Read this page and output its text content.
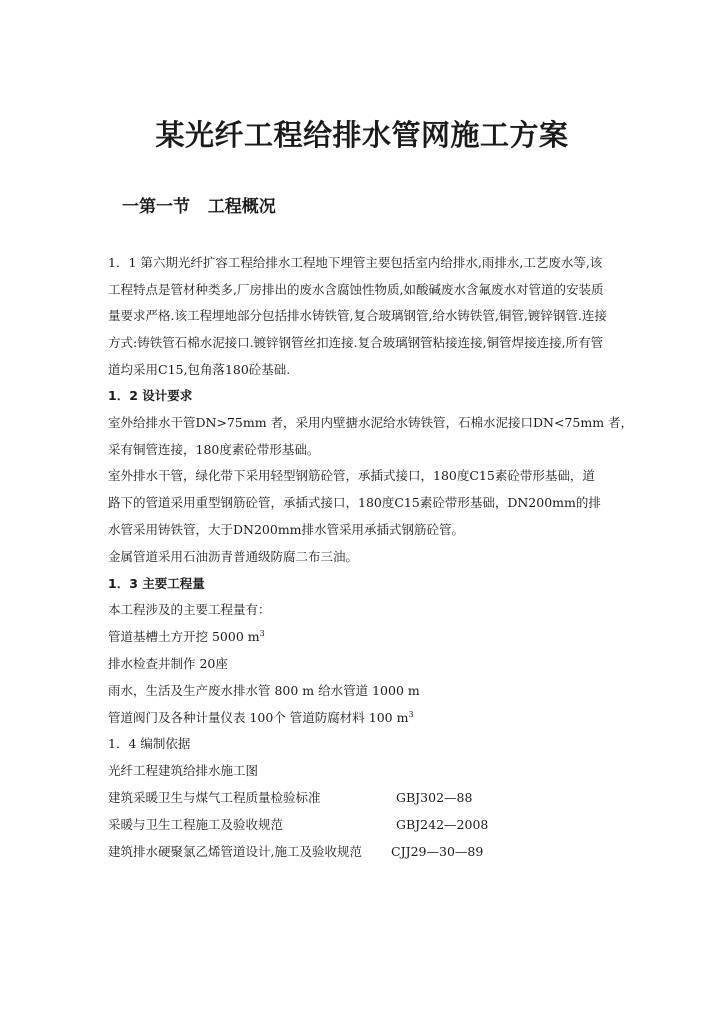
某光纤工程给排水管网施工方案
一第一节   工程概况
1．1 第六期光纤扩容工程给排水工程地下埋管主要包括室内给排水,雨排水,工艺废水等,该
工程特点是管材种类多,厂房排出的废水含腐蚀性物质,如酸碱废水含氟废水对管道的安装质
量要求严格.该工程埋地部分包括排水铸铁管,复合玻璃钢管,给水铸铁管,铜管,镀锌钢管.连接
方式:铸铁管石棉水泥接口.镀锌钢管丝扣连接.复合玻璃钢管粘接连接,铜管焊接连接,所有管
道均采用C15,包角落180砼基础.
1．2 设计要求
室外给排水干管DN>75mm 者，采用内壁搪水泥给水铸铁管，石棉水泥接口DN<75mm 者，
采有铜管连接，180度素砼带形基础。
室外排水干管，绿化带下采用轻型钢筋砼管，承插式接口，180度C15素砼带形基础，道
路下的管道采用重型钢筋砼管，承插式接口，180度C15素砼带形基础，DN200mm的排
水管采用铸铁管，大于DN200mm排水管采用承插式钢筋砼管。
金属管道采用石油沥青普通级防腐二布三油。
1．3 主要工程量
本工程涉及的主要工程量有：
管道基槽土方开挖 5000 $m^3$
排水检查井制作 20座
雨水，生活及生产废水排水管 800 m 给水管道 1000 m
管道阀门及各种计量仪表 100个 管道防腐材料 100 $m^3$
1．4 编制依据
光纤工程建筑给排水施工图
建筑采暖卫生与煤气工程质量检验标准	GBJ302—88
采暖与卫生工程施工及验收规范	GBJ242—2008
建筑排水硬聚氯乙烯管道设计,施工及验收规范 CJJ29—30—89
